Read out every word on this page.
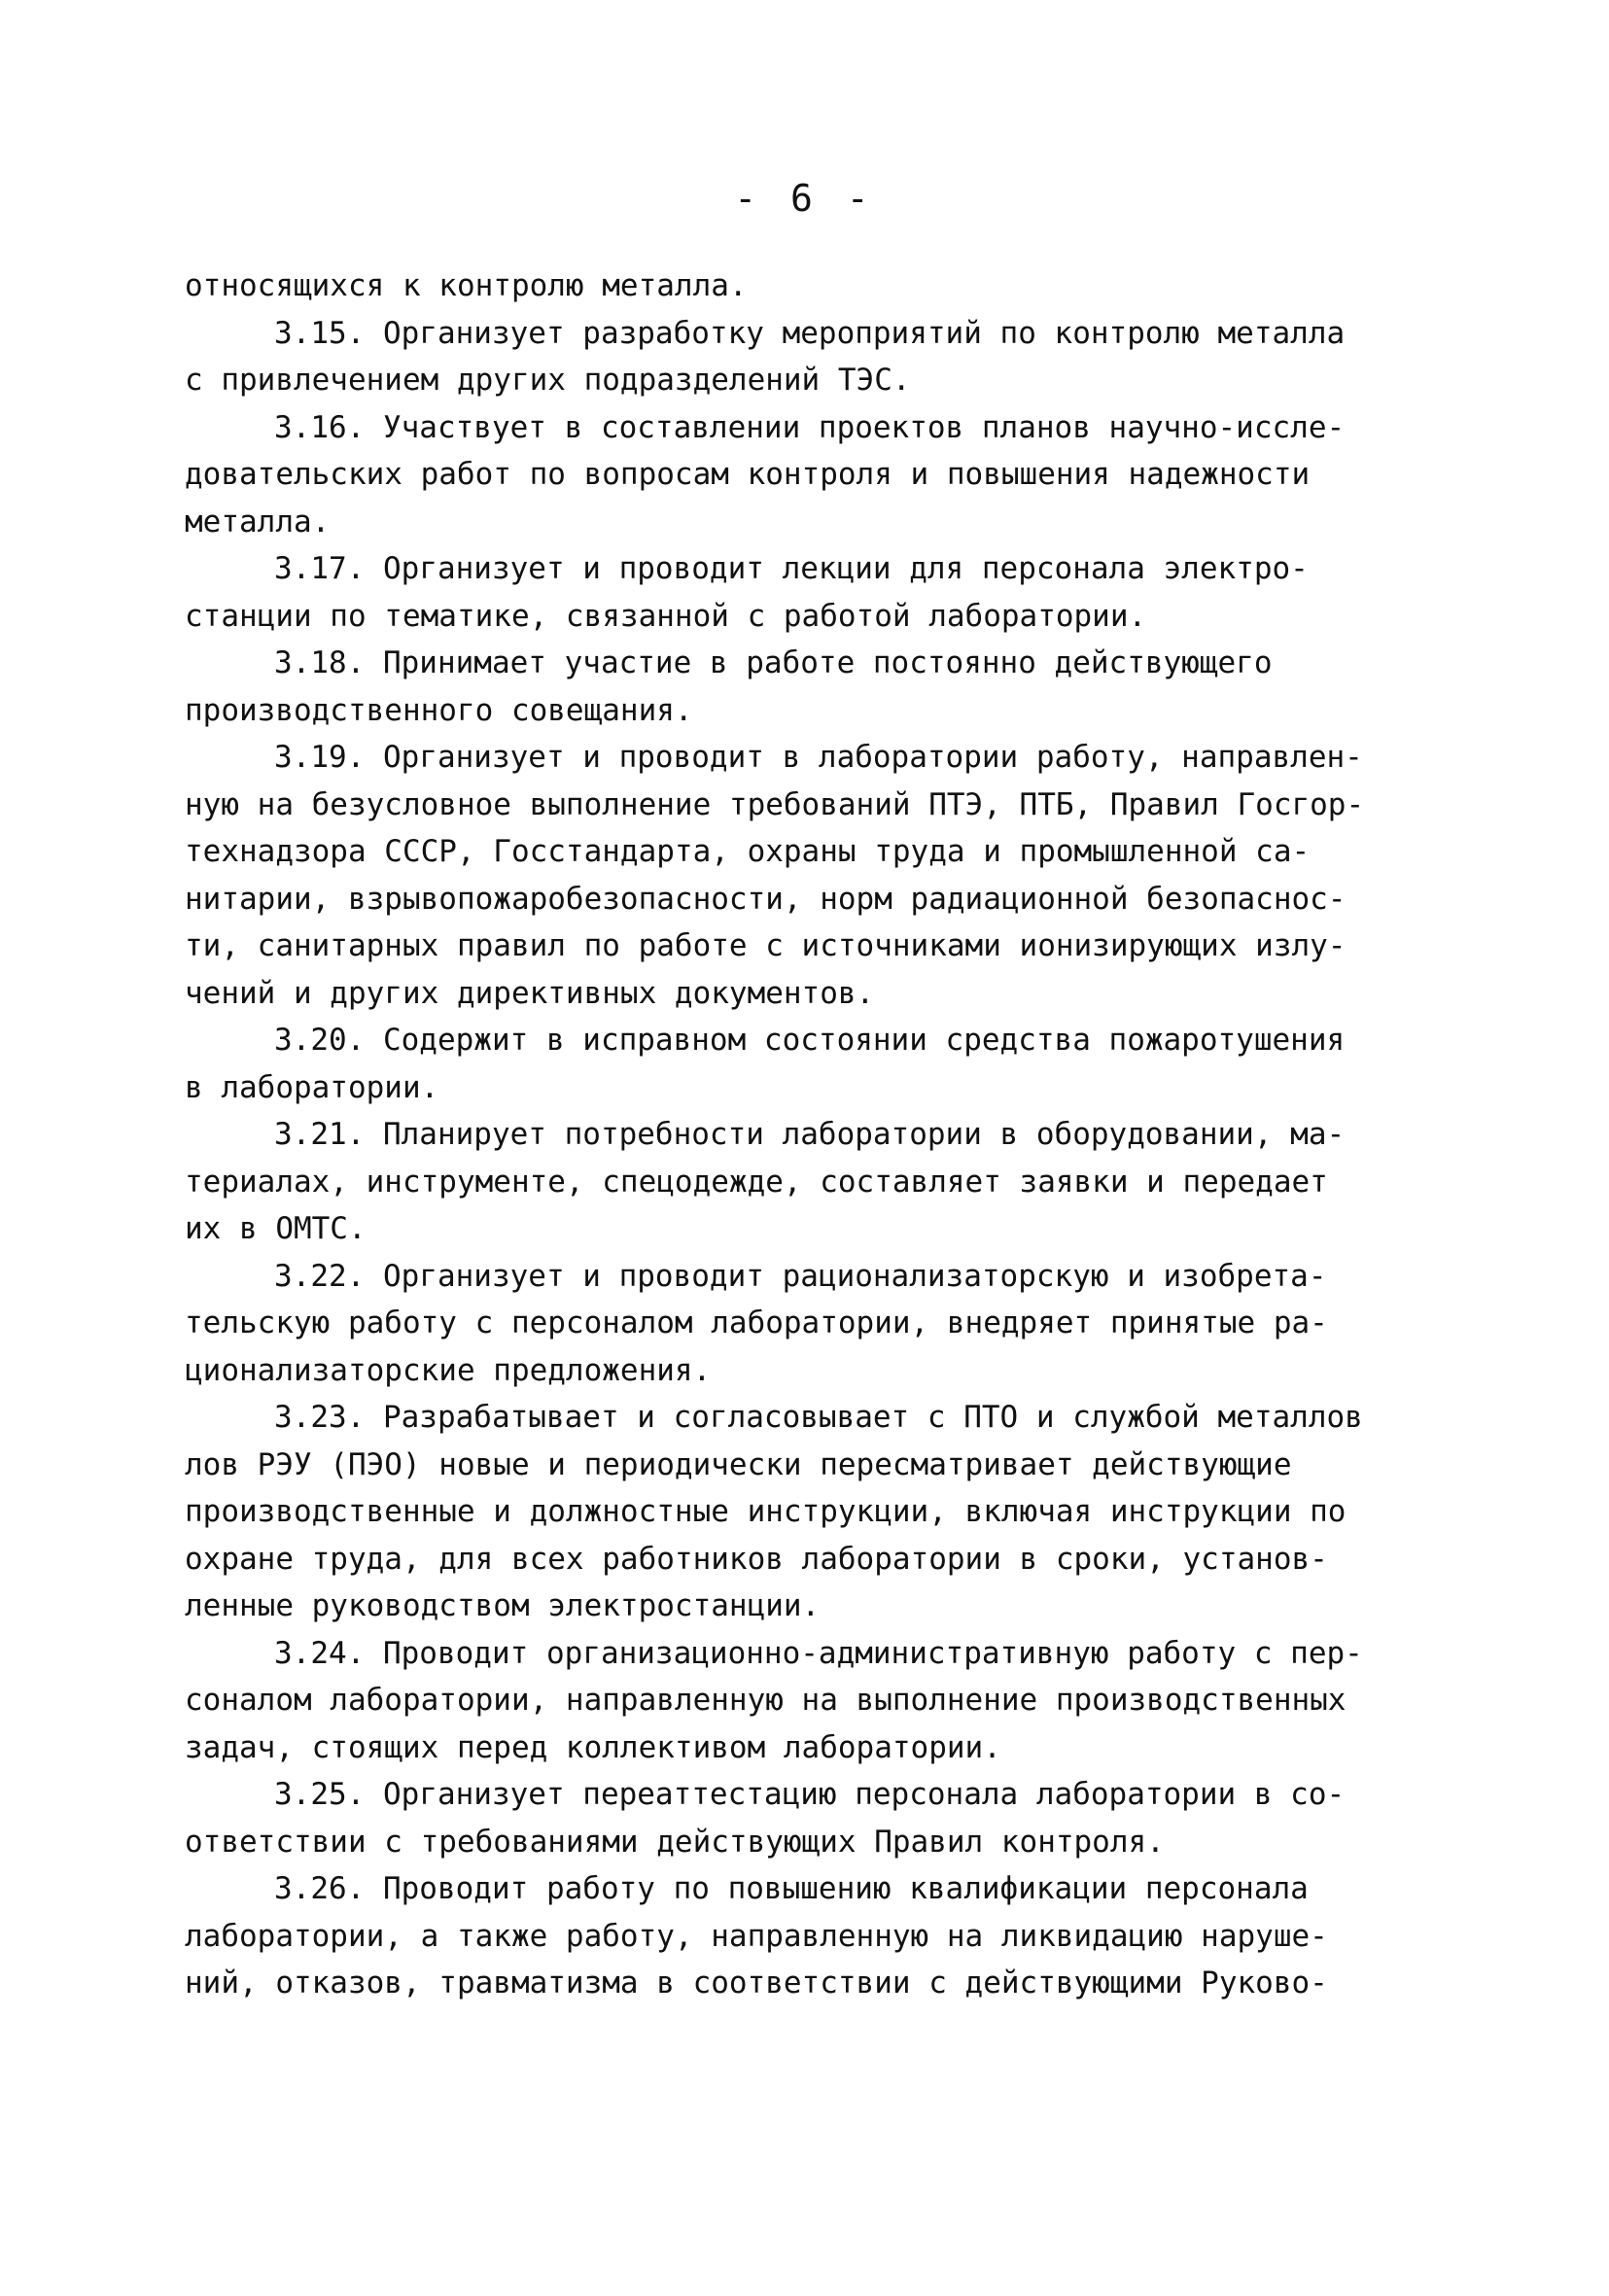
- 6 -
относящихся к контролю металла.
3.15. Организует разработку мероприятий по контролю металла
с привлечением других подразделений ТЭС.
3.16. Участвует в составлении проектов планов научно-иссле-
довательских работ по вопросам контроля и повышения надежности
металла.
3.17. Организует и проводит лекции для персонала электро-
станции по тематике, связанной с работой лаборатории.
3.18. Принимает участие в работе постоянно действующего
производственного совещания.
3.19. Организует и проводит в лаборатории работу, направлен-
ную на безусловное выполнение требований ПТЭ, ПТБ, Правил Госгор-
технадзора СССР, Госстандарта, охраны труда и промышленной са-
нитарии, взрывопожаробезопасности, норм радиационной безопаснос-
ти, санитарных правил по работе с источниками ионизирующих излу-
чений и других директивных документов.
3.20. Содержит в исправном состоянии средства пожаротушения
в лаборатории.
3.21. Планирует потребности лаборатории в оборудовании, ма-
териалах, инструменте, спецодежде, составляет заявки и передает
их в ОМТС.
3.22. Организует и проводит рационализаторскую и изобрета-
тельскую работу с персоналом лаборатории, внедряет принятые ра-
ционализаторские предложения.
3.23. Разрабатывает и согласовывает с ПТО и службой металлов
лов РЭУ (ПЭО) новые и периодически пересматривает действующие
производственные и должностные инструкции, включая инструкции по
охране труда, для всех работников лаборатории в сроки, установ-
ленные руководством электростанции.
3.24. Проводит организационно-административную работу с пер-
соналом лаборатории, направленную на выполнение производственных
задач, стоящих перед коллективом лаборатории.
3.25. Организует переаттестацию персонала лаборатории в со-
ответствии с требованиями действующих Правил контроля.
3.26. Проводит работу по повышению квалификации персонала
лаборатории, а также работу, направленную на ликвидацию наруше-
ний, отказов, травматизма в соответствии с действующими Руково-
